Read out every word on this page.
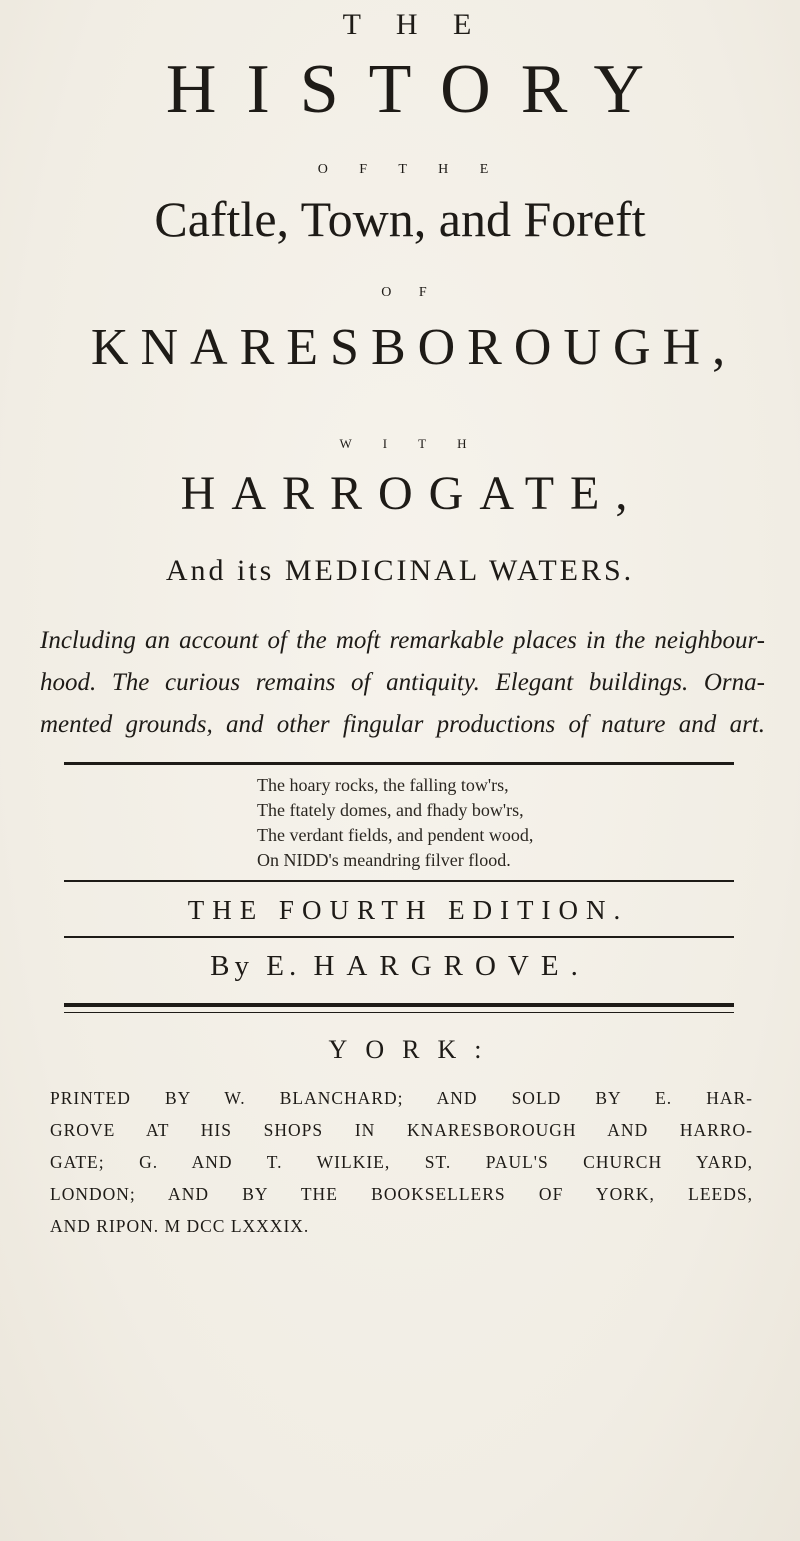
T H E
HISTORY
O F T H E
Caftle, Town, and Foreft
O F
KNARESBOROUGH,
W I T H
HARROGATE,
And its MEDICINAL WATERS.
Including an account of the moft remarkable places in the neighbour-
hood. The curious remains of antiquity. Elegant buildings. Orna-
mented grounds, and other fingular productions of nature and art.
The hoary rocks, the falling tow'rs,
The ftately domes, and fhady bow'rs,
The verdant fields, and pendent wood,
On NIDD's meandring filver flood.
THE FOURTH EDITION.
By E. HARGROVE.
YORK:
PRINTED BY W. BLANCHARD; AND SOLD BY E. HAR-
GROVE AT HIS SHOPS IN KNARESBOROUGH AND HARRO-
GATE; G. AND T. WILKIE, ST. PAUL'S CHURCH YARD,
LONDON; AND BY THE BOOKSELLERS OF YORK, LEEDS,
AND RIPON. M DCC LXXXIX.
